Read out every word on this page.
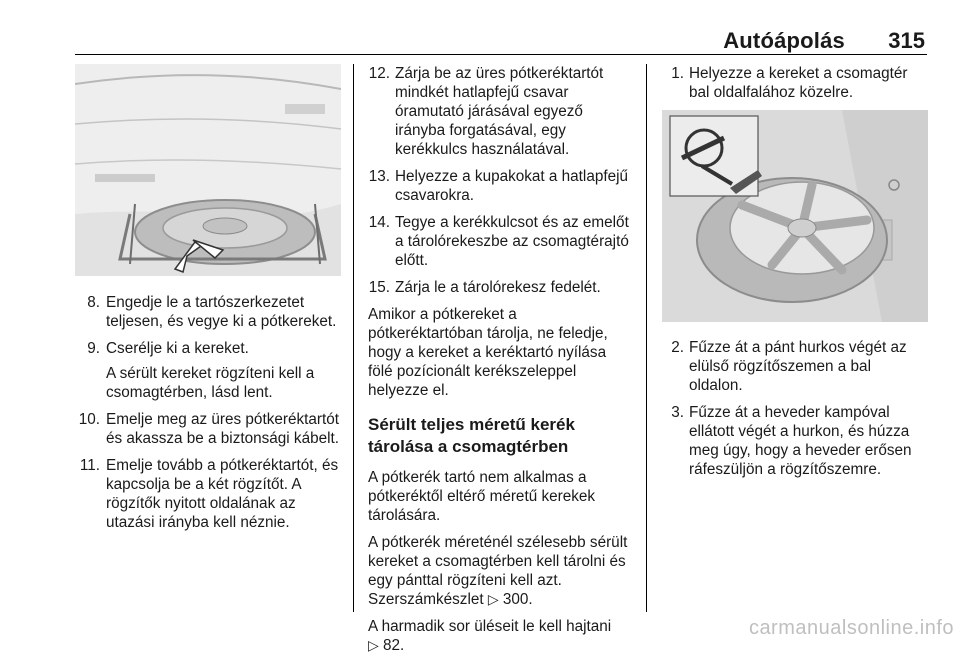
Autóápolás 315
8. Engedje le a tartószerkezetet teljesen, és vegye ki a pótkereket.
9. Cserélje ki a kereket.
A sérült kereket rögzíteni kell a csomagtérben, lásd lent.
10. Emelje meg az üres pótkeréktartót és akassza be a biztonsági kábelt.
11. Emelje tovább a pótkeréktartót, és kapcsolja be a két rögzítőt. A rögzítők nyitott oldalának az utazási irányba kell néznie.
12. Zárja be az üres pótkeréktartót mindkét hatlapfejű csavar óramutató járásával egyező irányba forgatásával, egy kerékkulcs használatával.
13. Helyezze a kupakokat a hatlapfejű csavarokra.
14. Tegye a kerékkulcsot és az emelőt a tárolórekeszbe az csomagtérajtó előtt.
15. Zárja le a tárolórekesz fedelét.

Amikor a pótkereket a pótkeréktartóban tárolja, ne feledje, hogy a kereket a keréktartó nyílása fölé pozícionált kerékszeleppel helyezze el.

Sérült teljes méretű kerék tárolása a csomagtérben

A pótkerék tartó nem alkalmas a pótkeréktől eltérő méretű kerekek tárolására.

A pótkerék méreténél szélesebb sérült kereket a csomagtérben kell tárolni és egy pánttal rögzíteni kell azt. Szerszámkészlet ▷ 300.

A harmadik sor üléseit le kell hajtani ▷ 82.

1. Helyezze a kereket a csomagtér bal oldalfalához közelre.
2. Fűzze át a pánt hurkos végét az elülső rögzítőszemen a bal oldalon.
3. Fűzze át a heveder kampóval ellátott végét a hurkon, és húzza meg úgy, hogy a heveder erősen ráfeszüljön a rögzítőszemre.
carmanualsonline.info
